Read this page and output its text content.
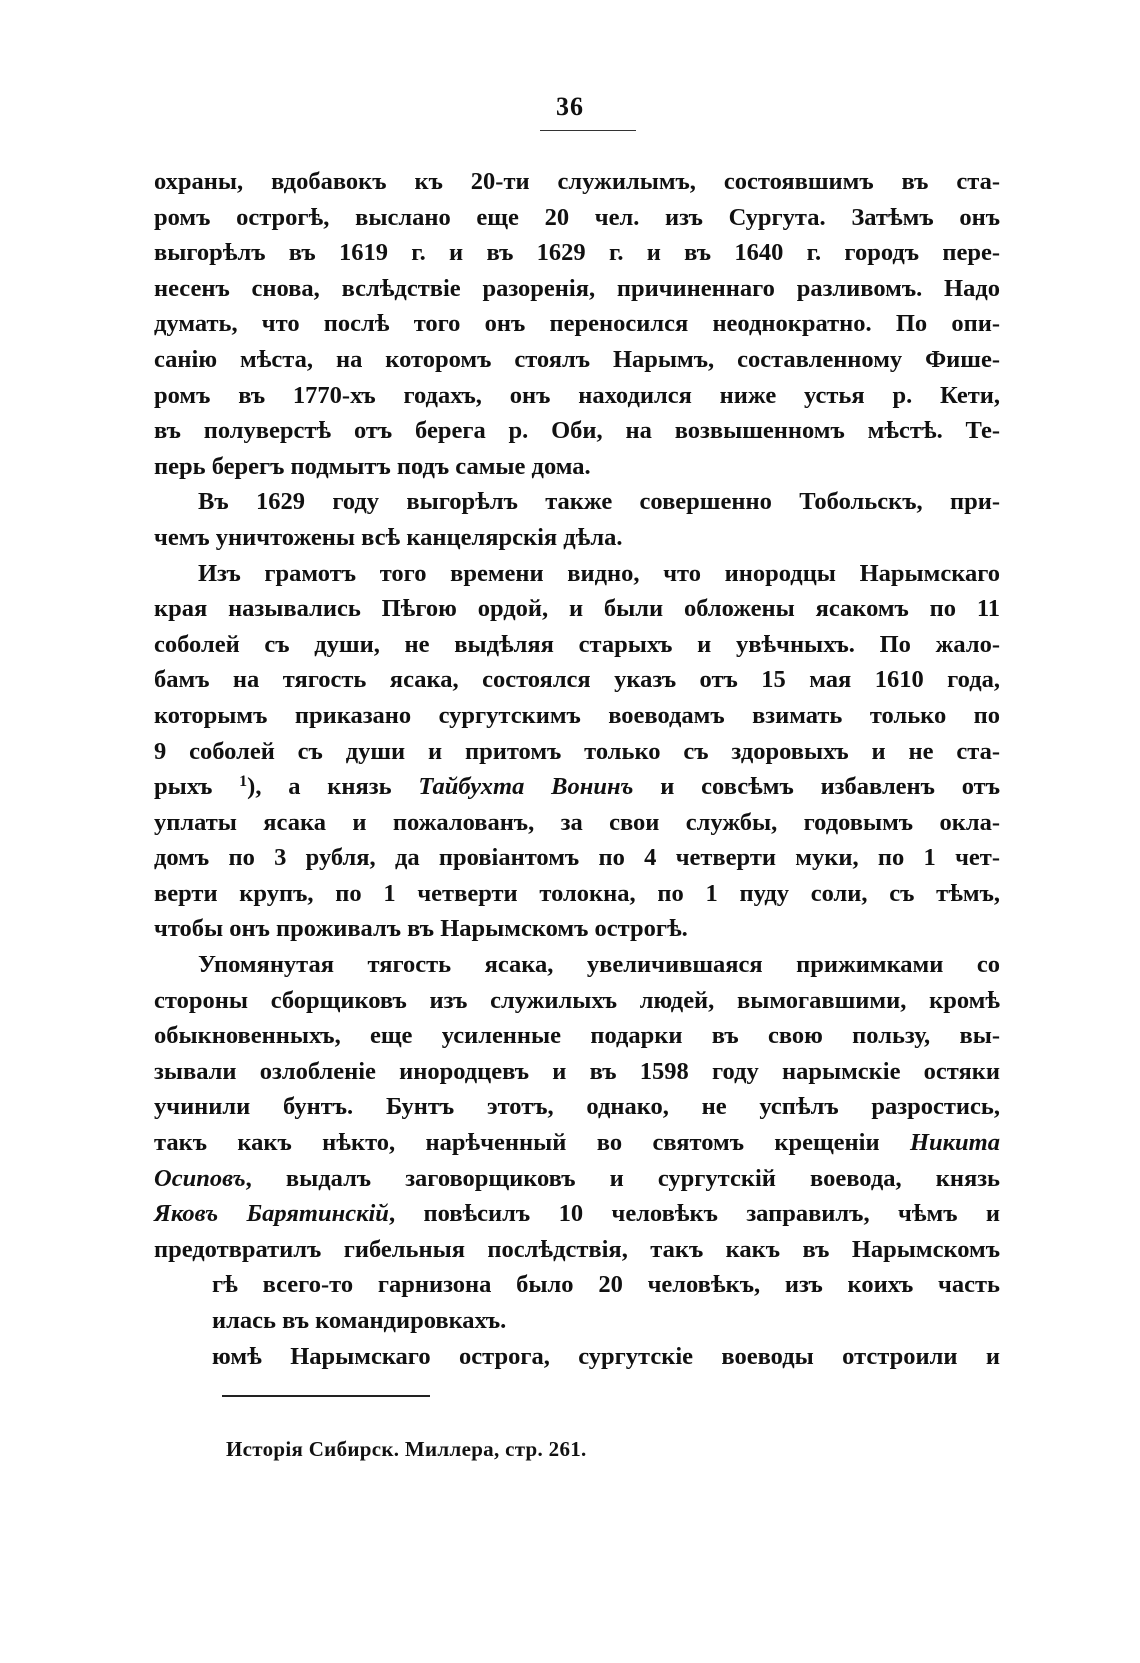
36

охраны, вдобавокъ къ 20-ти служилымъ, состоявшимъ въ ста-
ромъ острогѣ, выслано еще 20 чел. изъ Сургута. Затѣмъ онъ
выгорѣлъ въ 1619 г. и въ 1629 г. и въ 1640 г. городъ пере-
несенъ снова, вслѣдствіе разоренія, причиненнаго разливомъ. Надо
думать, что послѣ того онъ переносился неоднократно. По опи-
санію мѣста, на которомъ стоялъ Нарымъ, составленному Фише-
ромъ въ 1770-хъ годахъ, онъ находился ниже устья р. Кети,
въ полуверстѣ отъ берега р. Оби, на возвышенномъ мѣстѣ. Те-
перь берегъ подмытъ подъ самые дома.

Въ 1629 году выгорѣлъ также совершенно Тобольскъ, при-
чемъ уничтожены всѣ канцелярскія дѣла.

Изъ грамотъ того времени видно, что инородцы Нарымскаго
края назывались Пѣгою ордой, и были обложены ясакомъ по 11
соболей съ души, не выдѣляя старыхъ и увѣчныхъ. По жало-
бамъ на тягость ясака, состоялся указъ отъ 15 мая 1610 года,
которымъ приказано сургутскимъ воеводамъ взимать только по
9 соболей съ души и притомъ только съ здоровыхъ и не ста-
рыхъ $^1$), а князь Тайбухта Вонинъ и совсѣмъ избавленъ отъ
уплаты ясака и пожалованъ, за свои службы, годовымъ окла-
домъ по 3 рубля, да провіантомъ по 4 четверти муки, по 1 чет-
верти крупъ, по 1 четверти толокна, по 1 пуду соли, съ тѣмъ,
чтобы онъ проживалъ въ Нарымскомъ острогѣ.

Упомянутая тягость ясака, увеличившаяся прижимками со
стороны сборщиковъ изъ служилыхъ людей, вымогавшими, кромѣ
обыкновенныхъ, еще усиленные подарки въ свою пользу, вы-
зывали озлобленіе инородцевъ и въ 1598 году нарымскіе остяки
учинили бунтъ. Бунтъ этотъ, однако, не успѣлъ разростись,
такъ какъ нѣкто, нарѣченный во святомъ крещеніи Никита
Осиповъ, выдалъ заговорщиковъ и сургутскій воевода, князь
Яковъ Барятинскій, повѣсилъ 10 человѣкъ заправилъ, чѣмъ и
предотвратилъ гибельныя послѣдствія, такъ какъ въ Нарымскомъ
гѣ всего-то гарнизона было 20 человѣкъ, изъ коихъ часть
илась въ командировкахъ.

юмѣ Нарымскаго острога, сургутскіе воеводы отстроили и

Исторія Сибирск. Миллера, стр. 261.
